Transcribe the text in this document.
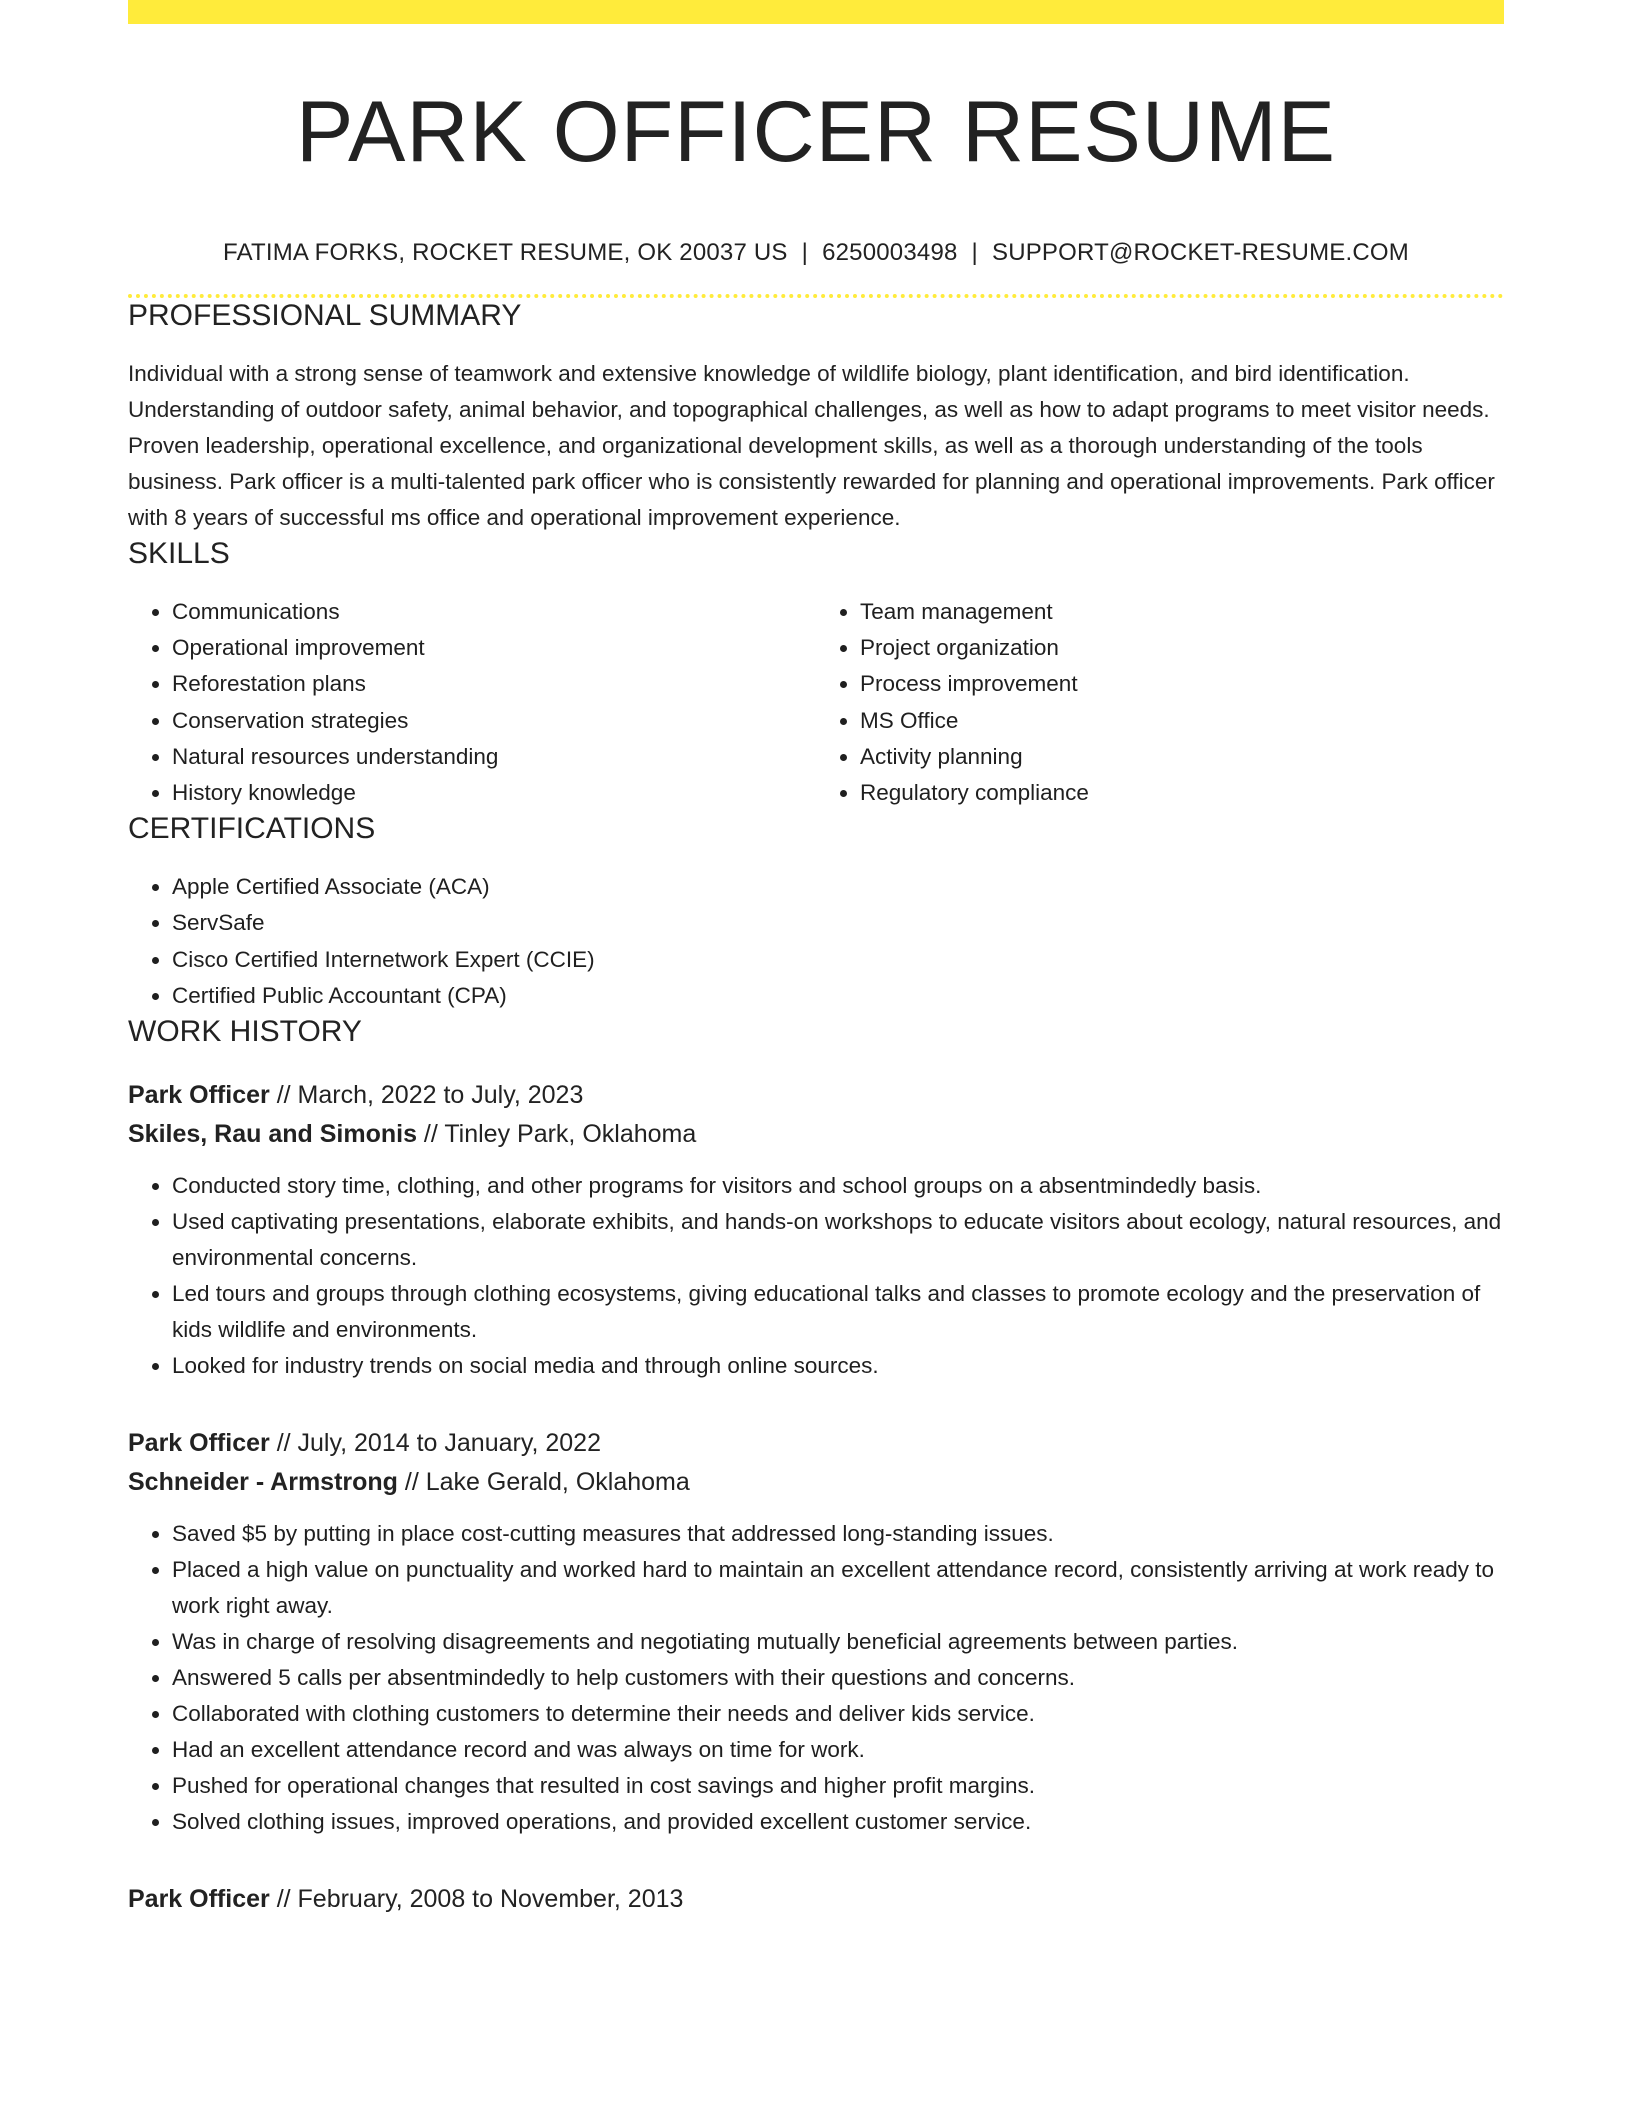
PARK OFFICER RESUME
FATIMA FORKS, ROCKET RESUME, OK 20037 US | 6250003498 | SUPPORT@ROCKET-RESUME.COM
PROFESSIONAL SUMMARY

Individual with a strong sense of teamwork and extensive knowledge of wildlife biology, plant identification, and bird identification. Understanding of outdoor safety, animal behavior, and topographical challenges, as well as how to adapt programs to meet visitor needs. Proven leadership, operational excellence, and organizational development skills, as well as a thorough understanding of the tools business. Park officer is a multi-talented park officer who is consistently rewarded for planning and operational improvements. Park officer with 8 years of successful ms office and operational improvement experience.

SKILLS
• Communications
• Operational improvement
• Reforestation plans
• Conservation strategies
• Natural resources understanding
• History knowledge
• Team management
• Project organization
• Process improvement
• MS Office
• Activity planning
• Regulatory compliance
CERTIFICATIONS
• Apple Certified Associate (ACA)
• ServSafe
• Cisco Certified Internetwork Expert (CCIE)
• Certified Public Accountant (CPA)
WORK HISTORY
Park Officer // March, 2022 to July, 2023
Skiles, Rau and Simonis // Tinley Park, Oklahoma
• Conducted story time, clothing, and other programs for visitors and school groups on a absentmindedly basis.
• Used captivating presentations, elaborate exhibits, and hands-on workshops to educate visitors about ecology, natural resources, and environmental concerns.
• Led tours and groups through clothing ecosystems, giving educational talks and classes to promote ecology and the preservation of kids wildlife and environments.
• Looked for industry trends on social media and through online sources.
Park Officer // July, 2014 to January, 2022
Schneider - Armstrong // Lake Gerald, Oklahoma
• Saved $5 by putting in place cost-cutting measures that addressed long-standing issues.
• Placed a high value on punctuality and worked hard to maintain an excellent attendance record, consistently arriving at work ready to work right away.
• Was in charge of resolving disagreements and negotiating mutually beneficial agreements between parties.
• Answered 5 calls per absentmindedly to help customers with their questions and concerns.
• Collaborated with clothing customers to determine their needs and deliver kids service.
• Had an excellent attendance record and was always on time for work.
• Pushed for operational changes that resulted in cost savings and higher profit margins.
• Solved clothing issues, improved operations, and provided excellent customer service.
Park Officer // February, 2008 to November, 2013
